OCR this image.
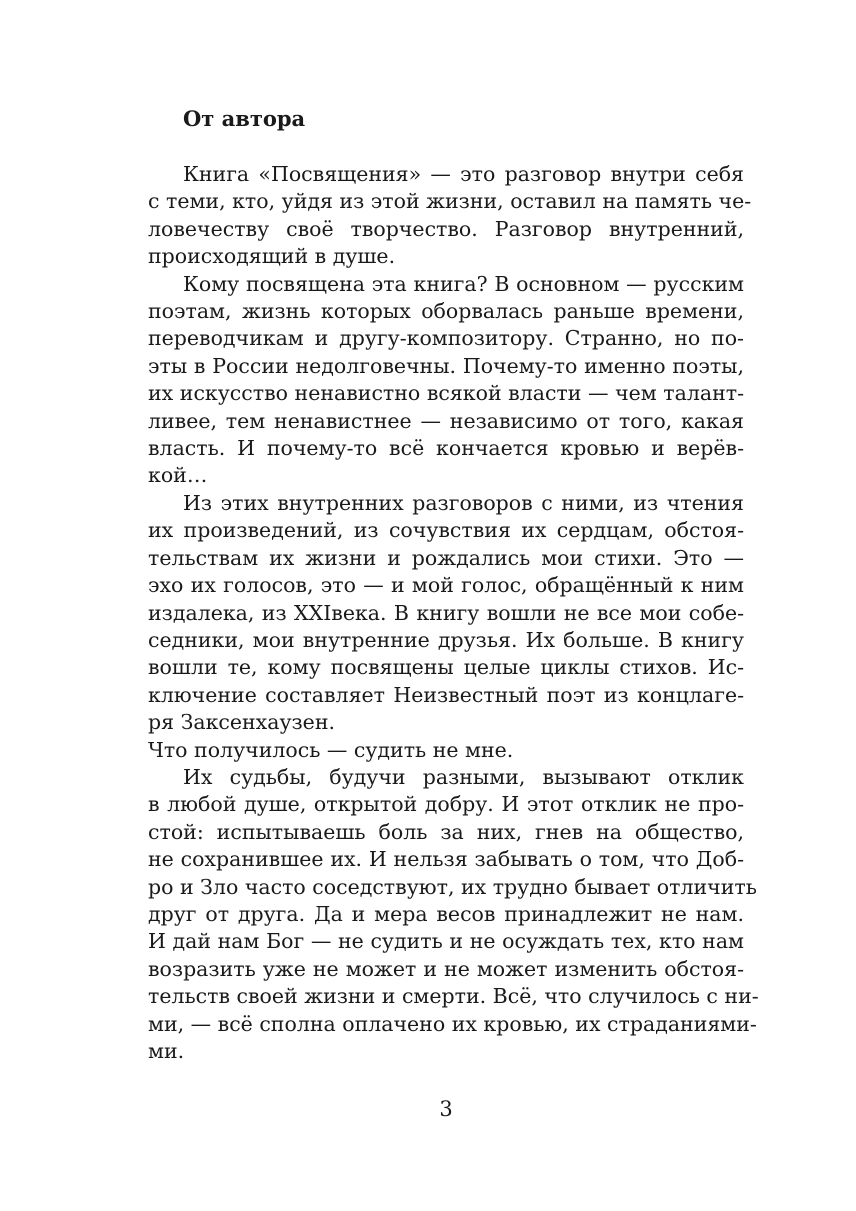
От автора
Книга «Посвящения» — это разговор внутри себя
с теми, кто, уйдя из этой жизни, оставил на память че-
ловечеству своё творчество. Разговор внутренний,
происходящий в душе.
Кому посвящена эта книга? В основном — русским
поэтам, жизнь которых оборвалась раньше времени,
переводчикам и другу-композитору. Странно, но по-
эты в России недолговечны. Почему-то именно поэты,
их искусство ненавистно всякой власти — чем талант-
ливее, тем ненавистнее — независимо от того, какая
власть. И почему-то всё кончается кровью и верёв-
кой…
Из этих внутренних разговоров с ними, из чтения
их произведений, из сочувствия их сердцам, обстоя-
тельствам их жизни и рождались мои стихи. Это —
эхо их голосов, это — и мой голос, обращённый к ним
издалека, из XXIвека. В книгу вошли не все мои собе-
седники, мои внутренние друзья. Их больше. В книгу
вошли те, кому посвящены целые циклы стихов. Ис-
ключение составляет Неизвестный поэт из концлаге-
ря Заксенхаузен.
Что получилось — судить не мне.
Их судьбы, будучи разными, вызывают отклик
в любой душе, открытой добру. И этот отклик не про-
стой: испытываешь боль за них, гнев на общество,
не сохранившее их. И нельзя забывать о том, что Доб-
ро и Зло часто соседствуют, их трудно бывает отличить
друг от друга. Да и мера весов принадлежит не нам.
И дай нам Бог — не судить и не осуждать тех, кто нам
возразить уже не может и не может изменить обстоя-
тельств своей жизни и смерти. Всё, что случилось с ни-
ми, — всё сполна оплачено их кровью, их страданиями-
ми.
3
